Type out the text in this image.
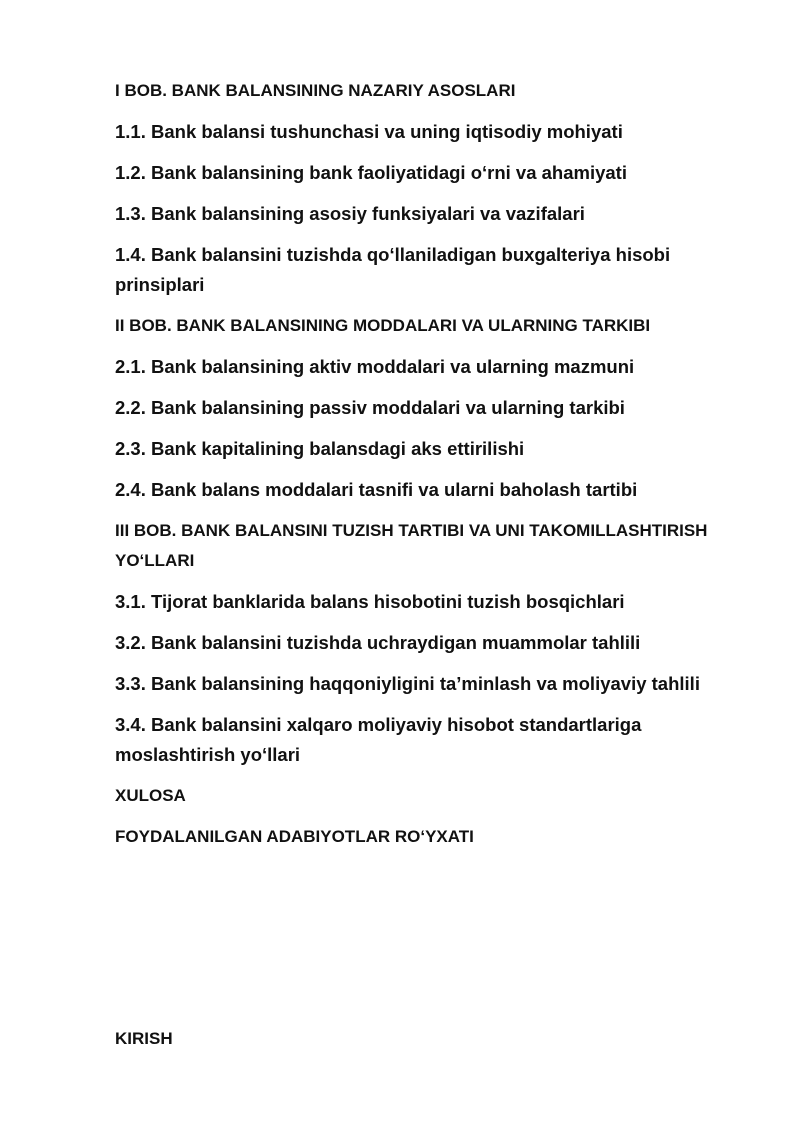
I BOB. BANK BALANSINING NAZARIY ASOSLARI

1.1. Bank balansi tushunchasi va uning iqtisodiy mohiyati

1.2. Bank balansining bank faoliyatidagi o‘rni va ahamiyati

1.3. Bank balansining asosiy funksiyalari va vazifalari

1.4. Bank balansini tuzishda qo‘llaniladigan buxgalteriya hisobi prinsiplari

II BOB. BANK BALANSINING MODDALARI VA ULARNING TARKIBI

2.1. Bank balansining aktiv moddalari va ularning mazmuni

2.2. Bank balansining passiv moddalari va ularning tarkibi

2.3. Bank kapitalining balansdagi aks ettirilishi

2.4. Bank balans moddalari tasnifi va ularni baholash tartibi

III BOB. BANK BALANSINI TUZISH TARTIBI VA UNI TAKOMILLASHTIRISH YO‘LLARI

3.1. Tijorat banklarida balans hisobotini tuzish bosqichlari

3.2. Bank balansini tuzishda uchraydigan muammolar tahlili

3.3. Bank balansining haqqoniyligini ta’minlash va moliyaviy tahlili

3.4. Bank balansini xalqaro moliyaviy hisobot standartlariga moslashtirish yo‘llari

XULOSA

FOYDALANILGAN ADABIYOTLAR RO‘YXATI

KIRISH
